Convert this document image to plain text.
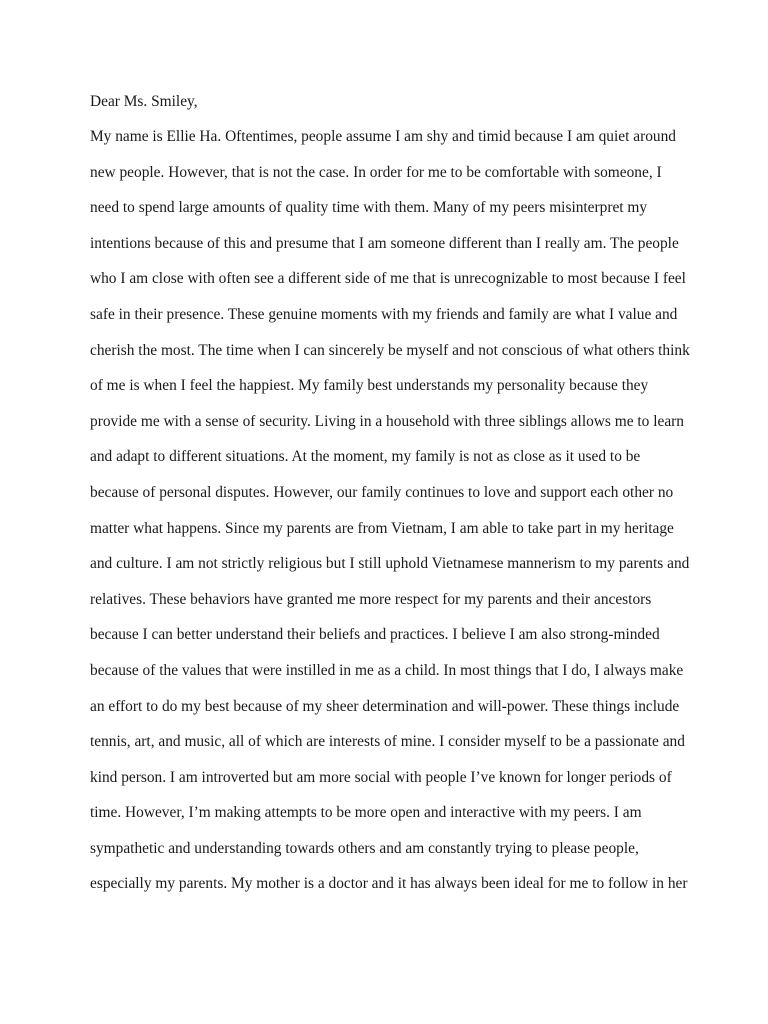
Dear Ms. Smiley,
My name is Ellie Ha. Oftentimes, people assume I am shy and timid because I am quiet around
new people. However, that is not the case. In order for me to be comfortable with someone, I
need to spend large amounts of quality time with them. Many of my peers misinterpret my
intentions because of this and presume that I am someone different than I really am. The people
who I am close with often see a different side of me that is unrecognizable to most because I feel
safe in their presence. These genuine moments with my friends and family are what I value and
cherish the most. The time when I can sincerely be myself and not conscious of what others think
of me is when I feel the happiest. My family best understands my personality because they
provide me with a sense of security. Living in a household with three siblings allows me to learn
and adapt to different situations. At the moment, my family is not as close as it used to be
because of personal disputes. However, our family continues to love and support each other no
matter what happens. Since my parents are from Vietnam, I am able to take part in my heritage
and culture. I am not strictly religious but I still uphold Vietnamese mannerism to my parents and
relatives. These behaviors have granted me more respect for my parents and their ancestors
because I can better understand their beliefs and practices. I believe I am also strong-minded
because of the values that were instilled in me as a child. In most things that I do, I always make
an effort to do my best because of my sheer determination and will-power. These things include
tennis, art, and music, all of which are interests of mine. I consider myself to be a passionate and
kind person. I am introverted but am more social with people I’ve known for longer periods of
time. However, I’m making attempts to be more open and interactive with my peers. I am
sympathetic and understanding towards others and am constantly trying to please people,
especially my parents. My mother is a doctor and it has always been ideal for me to follow in her
